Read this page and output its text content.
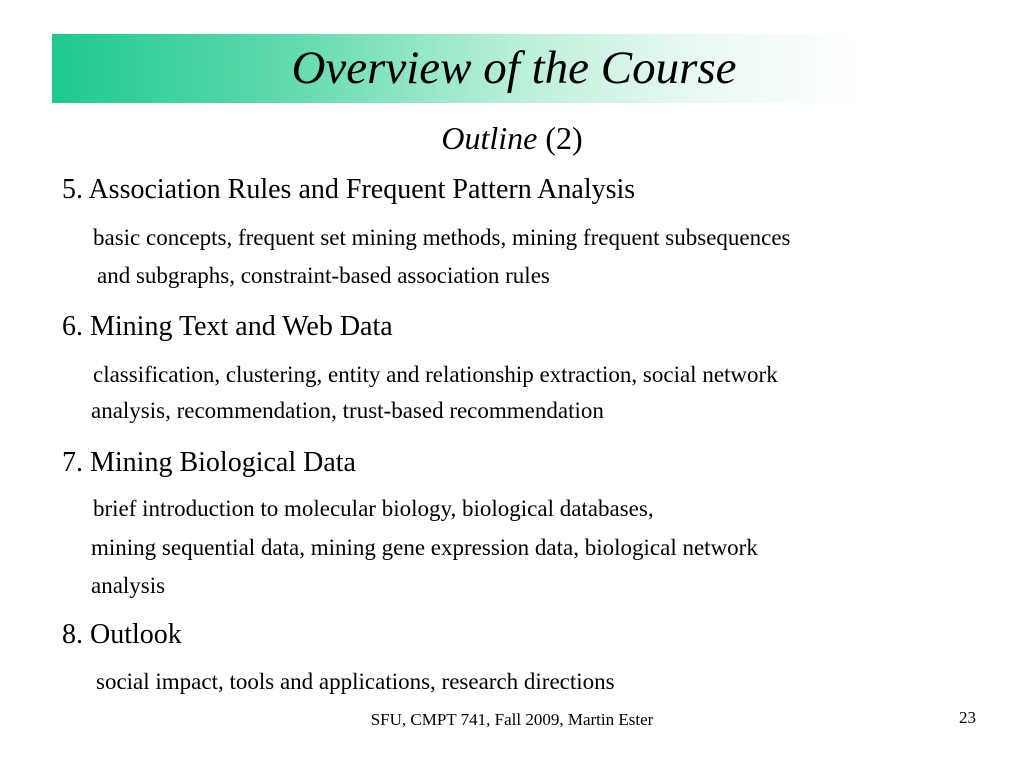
Overview of the Course
Outline (2)
5. Association Rules and Frequent Pattern Analysis
basic concepts, frequent set mining methods, mining frequent subsequences
and subgraphs, constraint-based association rules
6. Mining Text and Web Data
classification, clustering, entity and relationship extraction, social network
analysis, recommendation, trust-based recommendation
7. Mining Biological Data
brief introduction to molecular biology, biological databases,
mining sequential data, mining gene expression data, biological network
analysis
8. Outlook
social impact, tools and applications, research directions
SFU, CMPT 741, Fall 2009, Martin Ester	23
